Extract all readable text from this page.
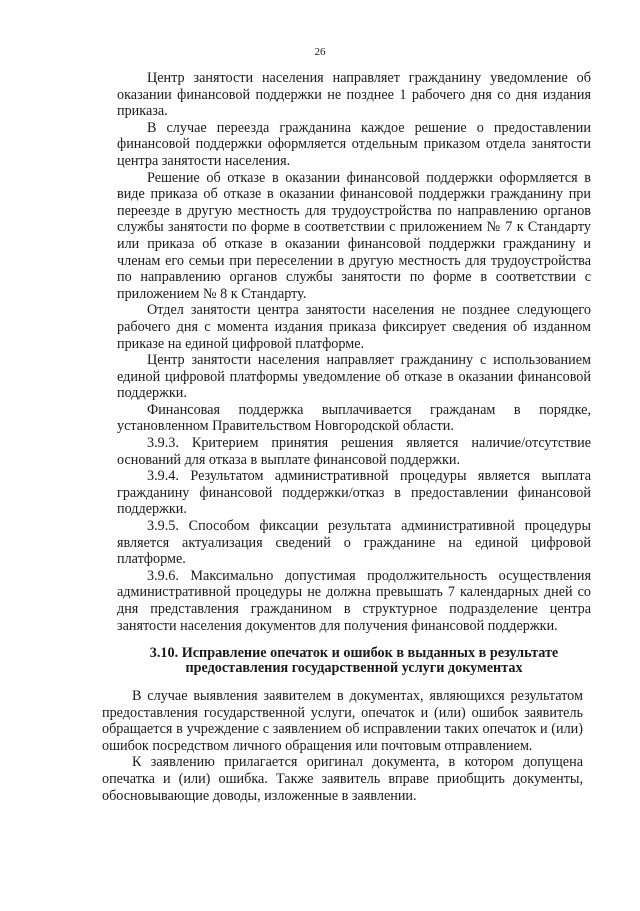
26

Центр занятости населения направляет гражданину уведомление об оказании финансовой поддержки не позднее 1 рабочего дня со дня издания приказа.

В случае переезда гражданина каждое решение о предоставлении финансовой поддержки оформляется отдельным приказом отдела занятости центра занятости населения.

Решение об отказе в оказании финансовой поддержки оформляется в виде приказа об отказе в оказании финансовой поддержки гражданину при переезде в другую местность для трудоустройства по направлению органов службы занятости по форме в соответствии с приложением № 7 к Стандарту или приказа об отказе в оказании финансовой поддержки гражданину и членам его семьи при переселении в другую местность для трудоустройства по направлению органов службы занятости по форме в соответствии с приложением № 8 к Стандарту.

Отдел занятости центра занятости населения не позднее следующего рабочего дня с момента издания приказа фиксирует сведения об изданном приказе на единой цифровой платформе.

Центр занятости населения направляет гражданину с использованием единой цифровой платформы уведомление об отказе в оказании финансовой поддержки.

Финансовая поддержка выплачивается гражданам в порядке, установленном Правительством Новгородской области.

3.9.3. Критерием принятия решения является наличие/отсутствие оснований для отказа в выплате финансовой поддержки.

3.9.4. Результатом административной процедуры является выплата гражданину финансовой поддержки/отказ в предоставлении финансовой поддержки.

3.9.5. Способом фиксации результата административной процедуры является актуализация сведений о гражданине на единой цифровой платформе.

3.9.6. Максимально допустимая продолжительность осуществления административной процедуры не должна превышать 7 календарных дней со дня представления гражданином в структурное подразделение центра занятости населения документов для получения финансовой поддержки.

3.10. Исправление опечаток и ошибок в выданных в результате предоставления государственной услуги документах

В случае выявления заявителем в документах, являющихся результатом предоставления государственной услуги, опечаток и (или) ошибок заявитель обращается в учреждение с заявлением об исправлении таких опечаток и (или) ошибок посредством личного обращения или почтовым отправлением.

К заявлению прилагается оригинал документа, в котором допущена опечатка и (или) ошибка. Также заявитель вправе приобщить документы, обосновывающие доводы, изложенные в заявлении.
